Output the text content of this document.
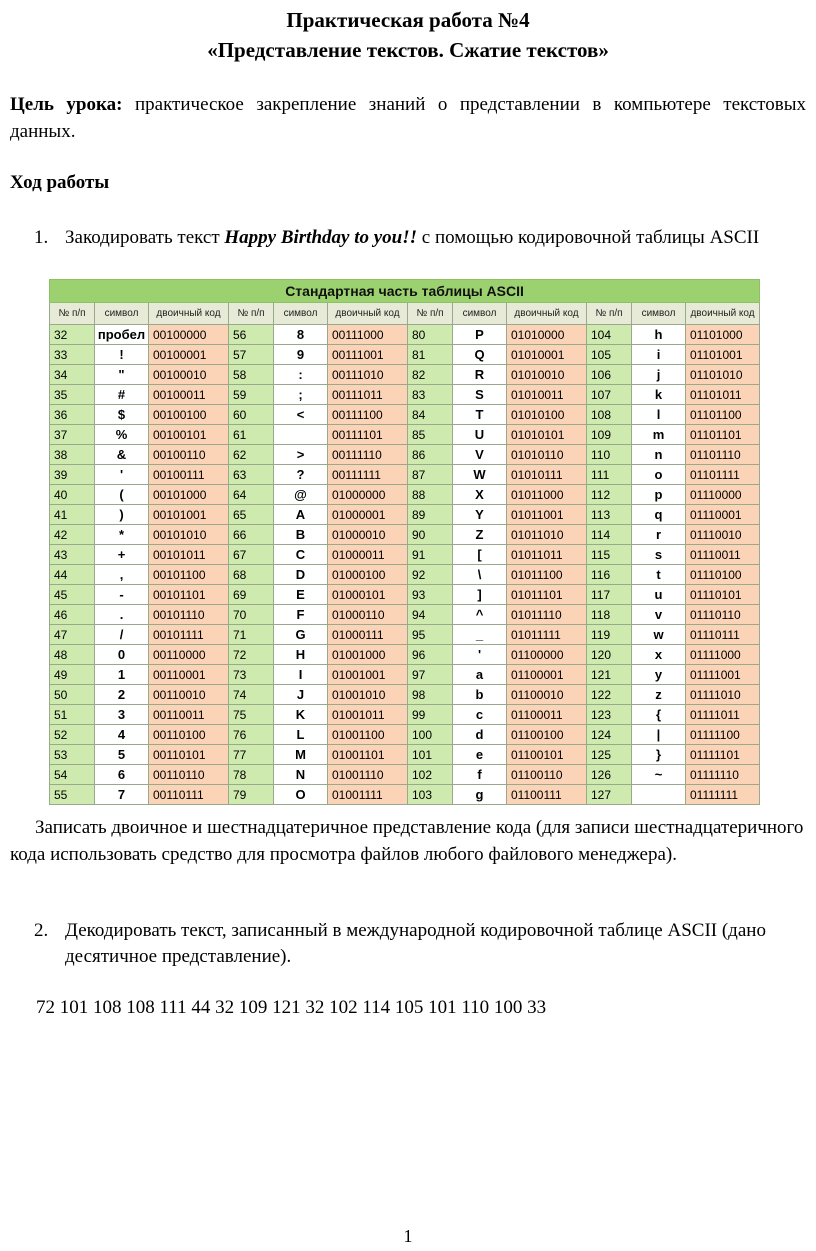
Практическая работа №4
«Представление текстов. Сжатие текстов»
Цель урока: практическое закрепление знаний о представлении в компьютере текстовых данных.
Ход работы
1. Закодировать текст Happy Birthday to you!! с помощью кодировочной таблицы ASCII
Стандартная часть таблицы ASCII											
№ п/п	символ	двоичный код	№ п/п	символ	двоичный код	№ п/п	символ	двоичный код	№ п/п	символ	двоичный код
32	пробел	00100000	56	8	00111000	80	P	01010000	104	h	01101000
33	!	00100001	57	9	00111001	81	Q	01010001	105	i	01101001
34	"	00100010	58	:	00111010	82	R	01010010	106	j	01101010
35	#	00100011	59	;	00111011	83	S	01010011	107	k	01101011
36	$	00100100	60	<	00111100	84	T	01010100	108	l	01101100
37	%	00100101	61		00111101	85	U	01010101	109	m	01101101
38	&	00100110	62	>	00111110	86	V	01010110	110	n	01101110
39	'	00100111	63	?	00111111	87	W	01010111	111	o	01101111
40	(	00101000	64	@	01000000	88	X	01011000	112	p	01110000
41	)	00101001	65	A	01000001	89	Y	01011001	113	q	01110001
42	*	00101010	66	B	01000010	90	Z	01011010	114	r	01110010
43	+	00101011	67	C	01000011	91	[	01011011	115	s	01110011
44	,	00101100	68	D	01000100	92	\	01011100	116	t	01110100
45	-	00101101	69	E	01000101	93	]	01011101	117	u	01110101
46	.	00101110	70	F	01000110	94	^	01011110	118	v	01110110
47	/	00101111	71	G	01000111	95	_	01011111	119	w	01110111
48	0	00110000	72	H	01001000	96	'	01100000	120	x	01111000
49	1	00110001	73	I	01001001	97	a	01100001	121	y	01111001
50	2	00110010	74	J	01001010	98	b	01100010	122	z	01111010
51	3	00110011	75	K	01001011	99	c	01100011	123	{	01111011
52	4	00110100	76	L	01001100	100	d	01100100	124	|	01111100
53	5	00110101	77	M	01001101	101	e	01100101	125	}	01111101
54	6	00110110	78	N	01001110	102	f	01100110	126	~	01111110
55	7	00110111	79	O	01001111	103	g	01100111	127		01111111
Записать двоичное и шестнадцатеричное представление кода (для записи шестнадцатеричного кода использовать средство для просмотра файлов любого файлового менеджера).
2. Декодировать текст, записанный в международной кодировочной таблице ASCII (дано десятичное представление).
72 101 108 108 111 44 32 109 121 32 102 114 105 101 110 100 33
1
